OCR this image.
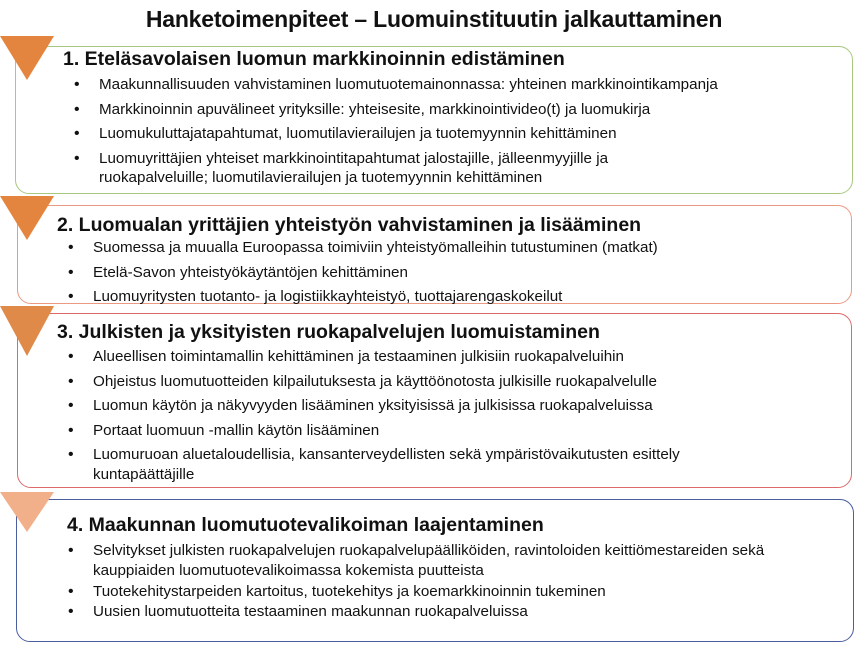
Hanketoimenpiteet – Luomuinstituutin jalkauttaminen
1. Eteläsavolaisen luomun markkinoinnin edistäminen
• Maakunnallisuuden vahvistaminen luomutuotemainonnassa: yhteinen markkinointikampanja
• Markkinoinnin apuvälineet yrityksille: yhteisesite, markkinointivideo(t) ja luomukirja
• Luomukuluttajatapahtumat, luomutilavierailujen ja tuotemyynnin kehittäminen
• Luomuyrittäjien yhteiset markkinointitapahtumat jalostajille, jälleenmyyjille ja ruokapalveluille; luomutilavierailujen ja tuotemyynnin kehittäminen
2. Luomualan yrittäjien yhteistyön vahvistaminen ja lisääminen
• Suomessa ja muualla Euroopassa toimiviin yhteistyömalleihin tutustuminen (matkat)
• Etelä-Savon yhteistyökäytäntöjen kehittäminen
• Luomuyritysten tuotanto- ja logistiikkayhteistyö, tuottajarengaskokeilut
3. Julkisten ja yksityisten ruokapalvelujen luomuistaminen
• Alueellisen toimintamallin kehittäminen ja testaaminen julkisiin ruokapalveluihin
• Ohjeistus luomutuotteiden kilpailutuksesta ja käyttöönotosta julkisille ruokapalvelulle
• Luomun käytön ja näkyvyyden lisääminen yksityisissä ja julkisissa ruokapalveluissa
• Portaat luomuun -mallin käytön lisääminen
• Luomuruoan aluetaloudellisia, kansanterveydellisten sekä ympäristövaikutusten esittely kuntapäättäjille
4. Maakunnan luomutuotevalikoiman laajentaminen
• Selvitykset julkisten ruokapalvelujen ruokapalvelupäälliköiden, ravintoloiden keittiömestareiden sekä kauppiaiden luomutuotevalikoimassa kokemista puutteista
• Tuotekehitystarpeiden kartoitus, tuotekehitys ja koemarkkinoinnin tukeminen
• Uusien luomutuotteita testaaminen maakunnan ruokapalveluissa
